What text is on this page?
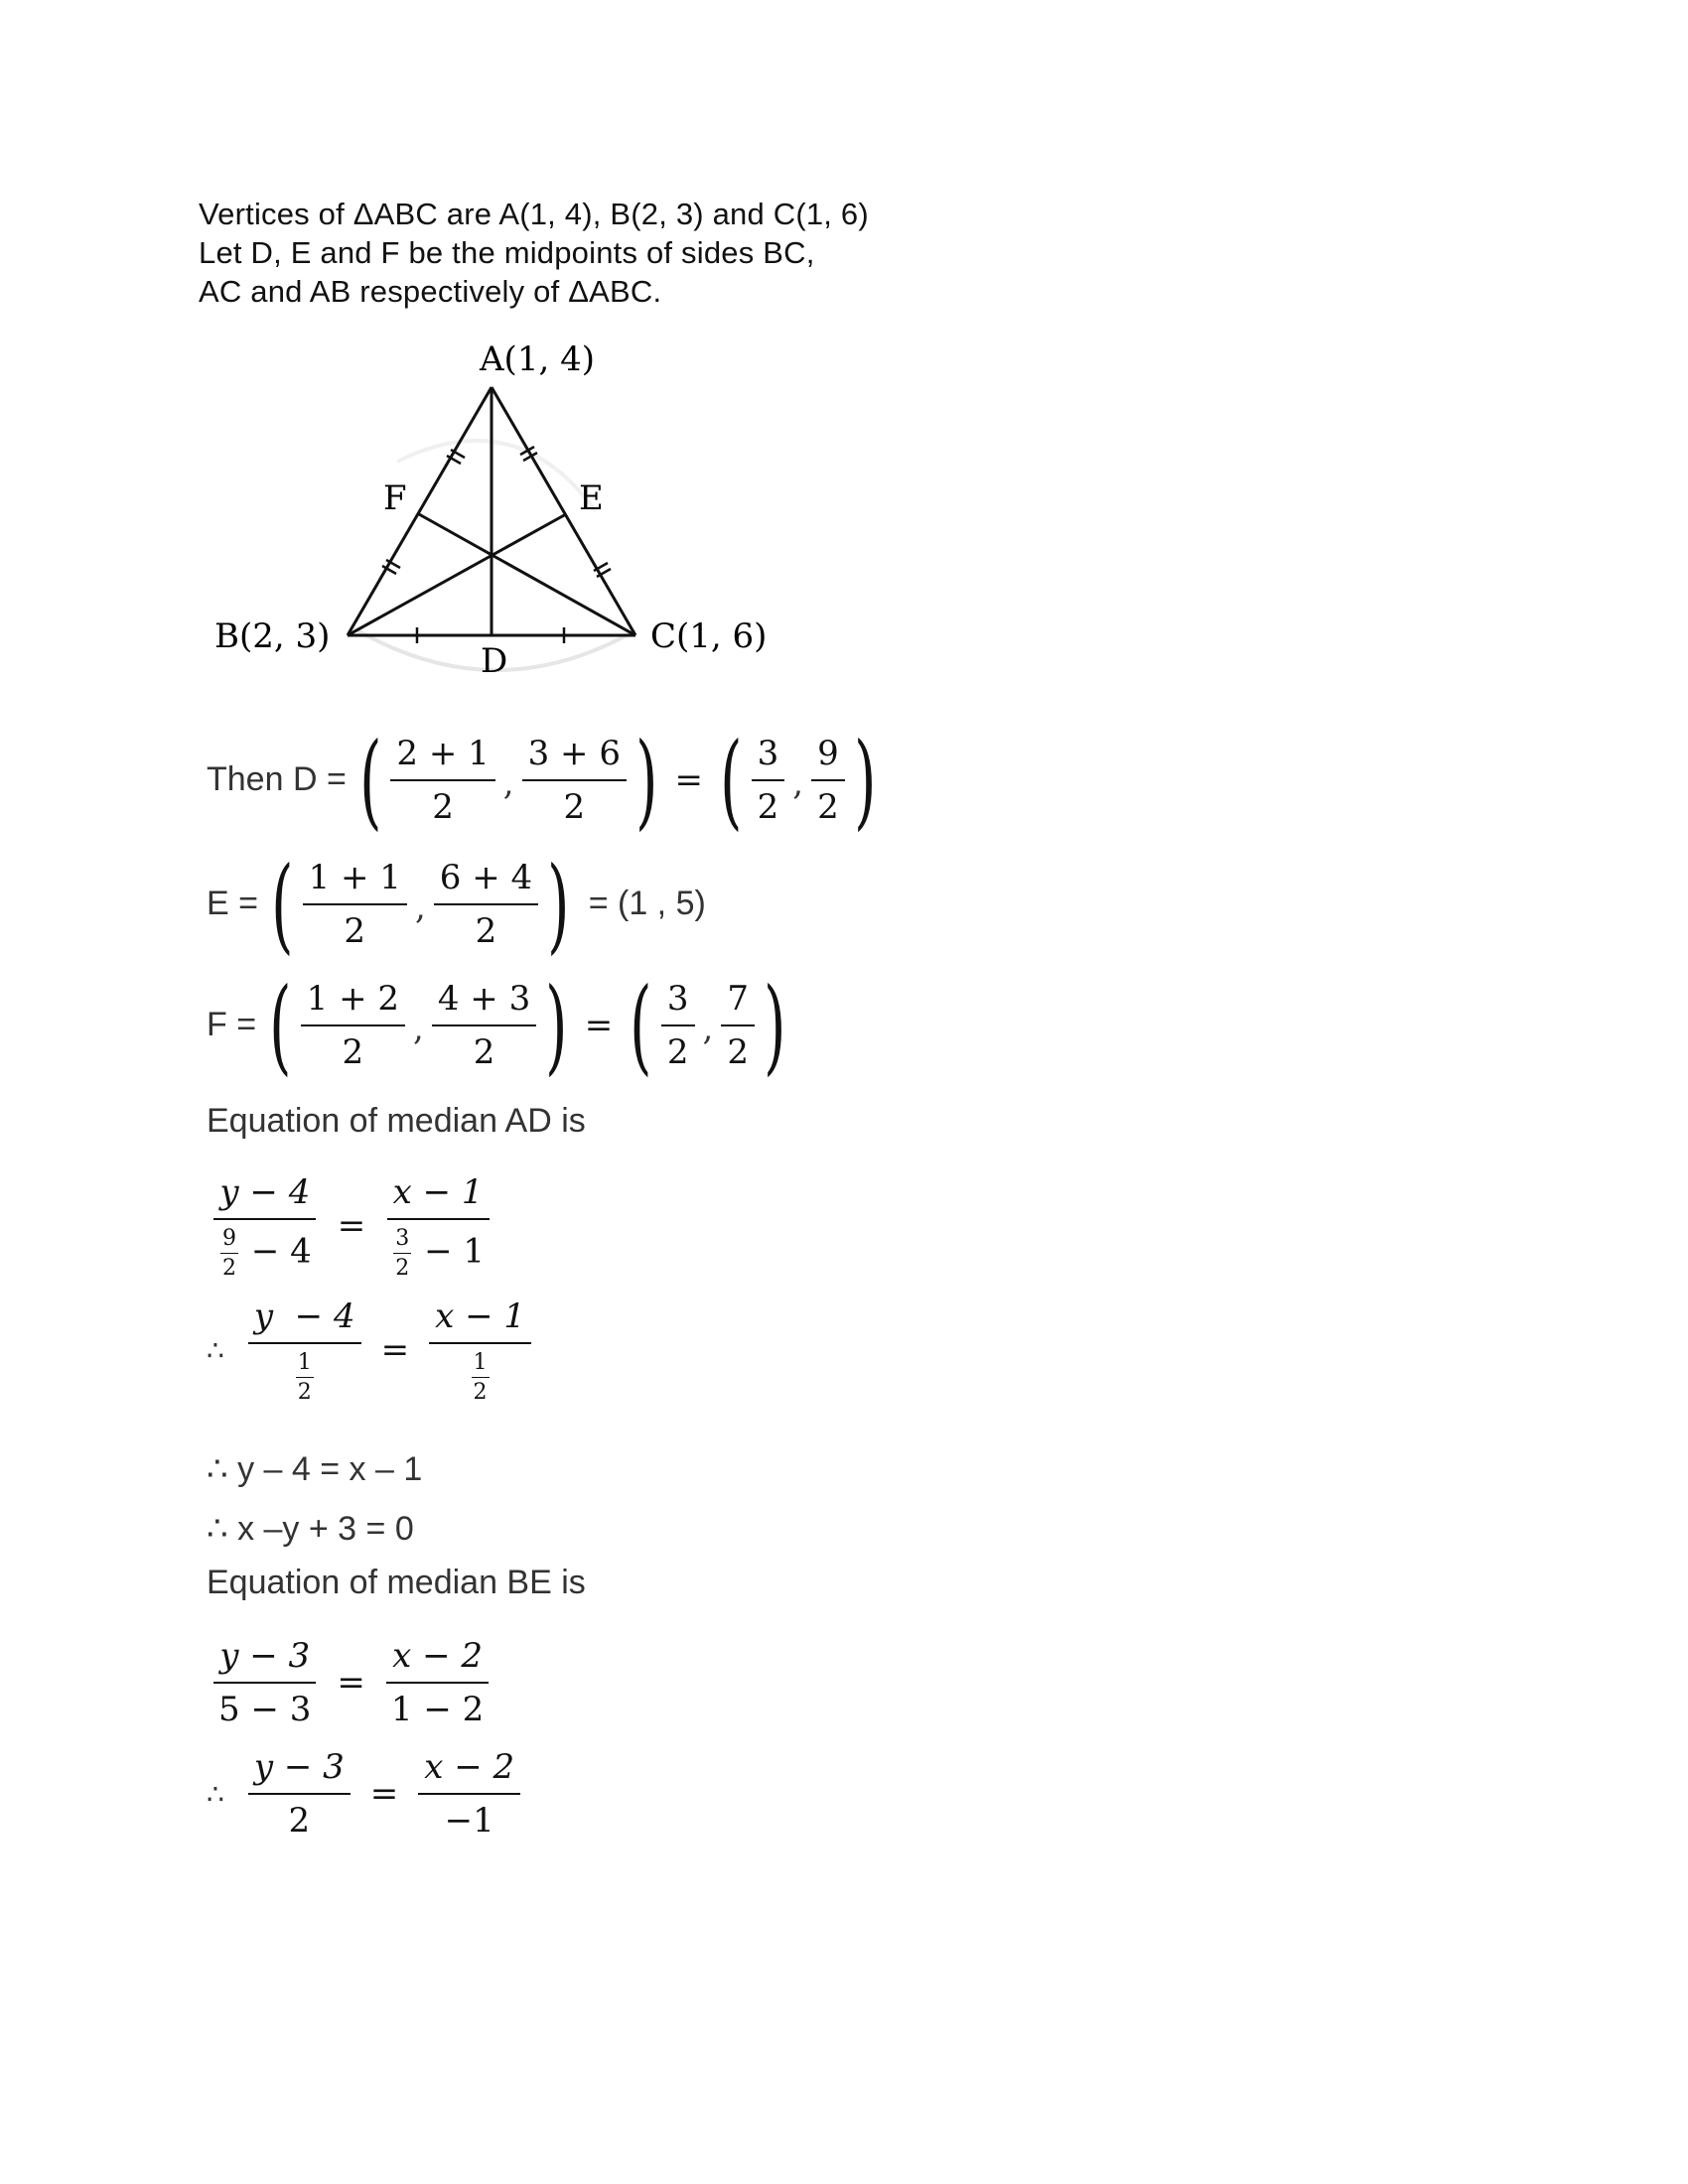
Vertices of ΔABC are A(1, 4), B(2, 3) and C(1, 6)
Let D, E and F be the midpoints of sides BC,
AC and AB respectively of ΔABC.
A(1, 4)
B(2, 3)	C(1, 6)
D
E
F
Then D = ( $\frac{2 + 1}{2}$ , $\frac{3 + 6}{2}$ ) = ( $\frac{3}{2}$ , $\frac{9}{2}$ )
E = ( $\frac{1 + 1}{2}$ , $\frac{6 + 4}{2}$ ) = (1 , 5)
F = ( $\frac{1 + 2}{2}$ , $\frac{4 + 3}{2}$ ) = ( $\frac{3}{2}$ , $\frac{7}{2}$ )
Equation of median AD is
$\frac{y - 4}{\frac{9}{2} - 4} = \frac{x - 1}{\frac{3}{2} - 1}$
∴ $\frac{y - 4}{\frac{1}{2}} = \frac{x - 1}{\frac{1}{2}}$
∴ y – 4 = x – 1
∴ x –y + 3 = 0
Equation of median BE is
$\frac{y - 3}{5 - 3} = \frac{x - 2}{1 - 2}$
∴ $\frac{y - 3}{2} = \frac{x - 2}{-1}$
